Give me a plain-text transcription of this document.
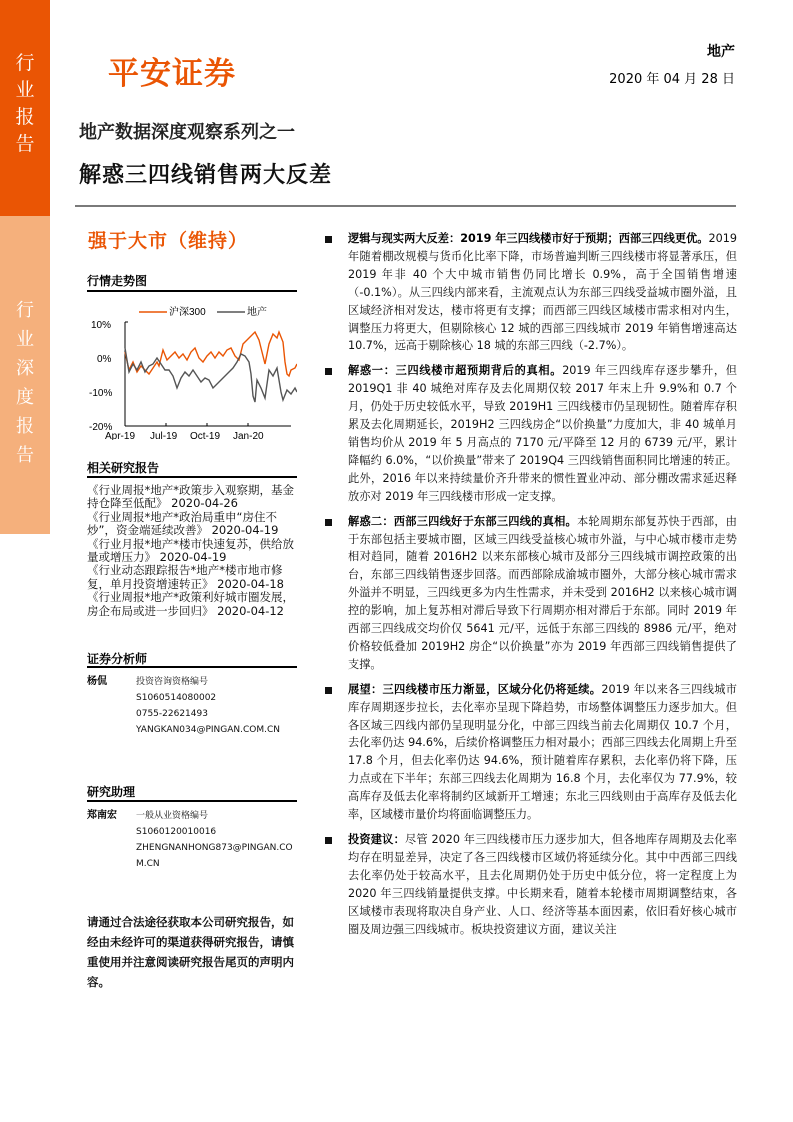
行
业
报
告
行
业
深
度
报
告
平安证券
地产
2020 年 04 月 28 日
地产数据深度观察系列之一
解惑三四线销售两大反差
强于大市（维持）
行情走势图
沪深300	地产
10%
0%
-10%
-20%
Apr-19 Jul-19 Oct-19 Jan-20
相关研究报告
《行业周报*地产*政策步入观察期，基金持仓降至低配》 2020-04-26
《行业周报*地产*政治局重申“房住不炒”，资金端延续改善》 2020-04-19
《行业月报*地产*楼市快速复苏，供给放量或增压力》 2020-04-19
《行业动态跟踪报告*地产*楼市地市修复，单月投资增速转正》 2020-04-18
《行业周报*地产*政策利好城市圈发展，房企布局或进一步回归》 2020-04-12
证券分析师
杨侃	投资咨询资格编号
S1060514080002
0755-22621493
YANGKAN034@PINGAN.COM.CN
研究助理
郑南宏	一般从业资格编号
S1060120010016
ZHENGNANHONG873@PINGAN.COM.CN
请通过合法途径获取本公司研究报告，如经由未经许可的渠道获得研究报告，请慎重使用并注意阅读研究报告尾页的声明内容。
逻辑与现实两大反差：2019 年三四线楼市好于预期；西部三四线更优。2019 年随着棚改规模与货币化比率下降，市场普遍判断三四线楼市将显著承压，但 2019 年非 40 个大中城市销售仍同比增长 0.9%，高于全国销售增速（-0.1%）。从三四线内部来看，主流观点认为东部三四线受益城市圈外溢，且区域经济相对发达，楼市将更有支撑；而西部三四线区域楼市需求相对内生，调整压力将更大，但剔除核心 12 城的西部三四线城市 2019 年销售增速高达 10.7%，远高于剔除核心 18 城的东部三四线（-2.7%）。
解惑一：三四线楼市超预期背后的真相。2019 年三四线库存逐步攀升，但 2019Q1 非 40 城绝对库存及去化周期仅较 2017 年末上升 9.9%和 0.7 个月，仍处于历史较低水平，导致 2019H1 三四线楼市仍呈现韧性。随着库存积累及去化周期延长，2019H2 三四线房企“以价换量”力度加大，非 40 城单月销售均价从 2019 年 5 月高点的 7170 元/平降至 12 月的 6739 元/平，累计降幅约 6.0%，“以价换量”带来了 2019Q4 三四线销售面积同比增速的转正。此外，2016 年以来持续量价齐升带来的惯性置业冲动、部分棚改需求延迟释放亦对 2019 年三四线楼市形成一定支撑。
解惑二：西部三四线好于东部三四线的真相。本轮周期东部复苏快于西部，由于东部包括主要城市圈，区域三四线受益核心城市外溢，与中心城市楼市走势相对趋同，随着 2016H2 以来东部核心城市及部分三四线城市调控政策的出台，东部三四线销售逐步回落。而西部除成渝城市圈外，大部分核心城市需求外溢并不明显，三四线更多为内生性需求，并未受到 2016H2 以来核心城市调控的影响，加上复苏相对滞后导致下行周期亦相对滞后于东部。同时 2019 年西部三四线成交均价仅 5641 元/平，远低于东部三四线的 8986 元/平，绝对价格较低叠加 2019H2 房企“以价换量”亦为 2019 年西部三四线销售提供了支撑。
展望：三四线楼市压力渐显，区域分化仍将延续。2019 年以来各三四线城市库存周期逐步拉长，去化率亦呈现下降趋势，市场整体调整压力逐步加大。但各区域三四线内部仍呈现明显分化，中部三四线当前去化周期仅 10.7 个月，去化率仍达 94.6%，后续价格调整压力相对最小；西部三四线去化周期上升至 17.8 个月，但去化率仍达 94.6%，预计随着库存累积，去化率仍将下降，压力点或在下半年；东部三四线去化周期为 16.8 个月，去化率仅为 77.9%，较高库存及低去化率将制约区域新开工增速；东北三四线则由于高库存及低去化率，区域楼市量价均将面临调整压力。
投资建议：尽管 2020 年三四线楼市压力逐步加大，但各地库存周期及去化率均存在明显差异，决定了各三四线楼市区域仍将延续分化。其中中西部三四线去化率仍处于较高水平，且去化周期仍处于历史中低分位，将一定程度上为 2020 年三四线销量提供支撑。中长期来看，随着本轮楼市周期调整结束，各区域楼市表现将取决自身产业、人口、经济等基本面因素，依旧看好核心城市圈及周边强三四线城市。板块投资建议方面，建议关注
